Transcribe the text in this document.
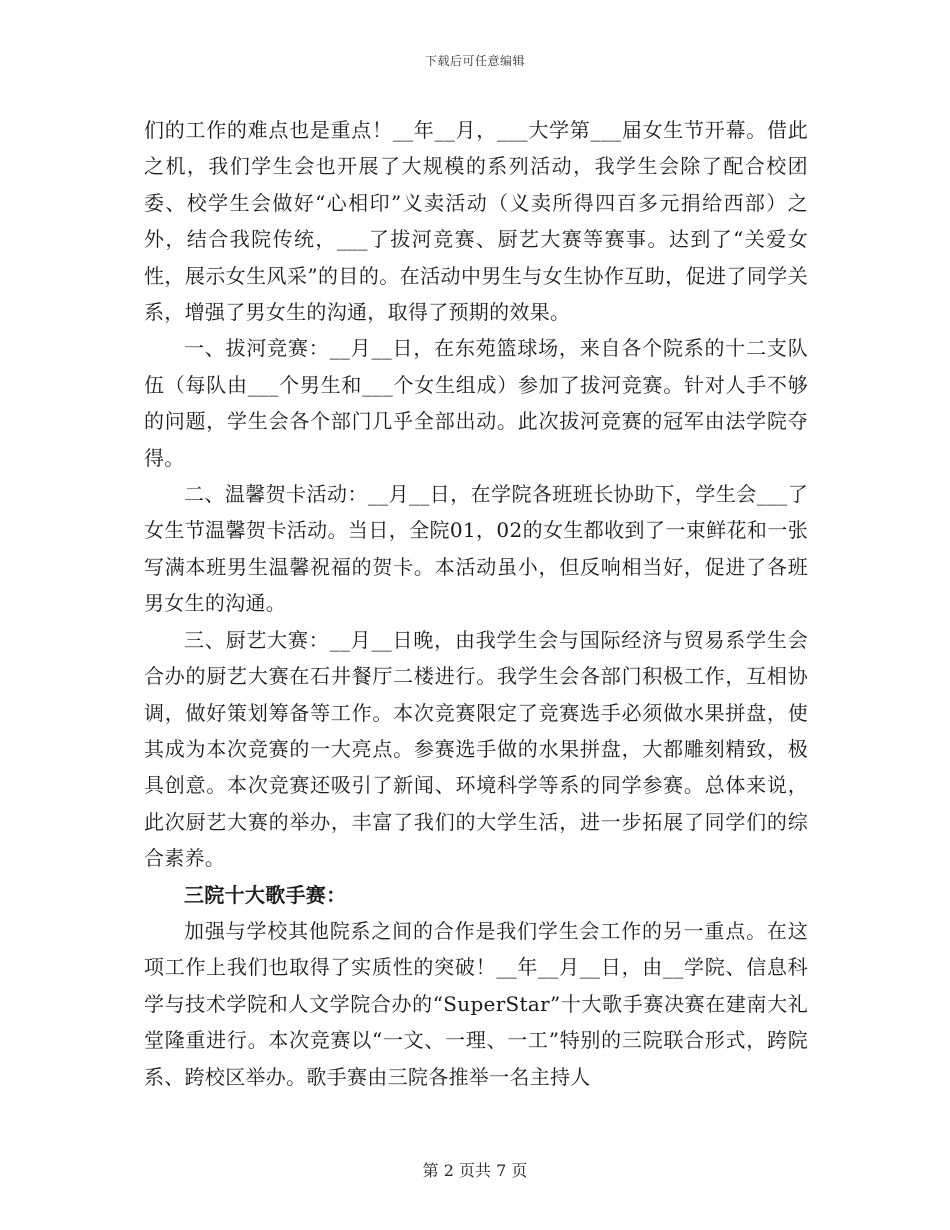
下载后可任意编辑

们的工作的难点也是重点！__年__月，___大学第___届女生节开幕。借此之机，我们学生会也开展了大规模的系列活动，我学生会除了配合校团委、校学生会做好“心相印”义卖活动（义卖所得四百多元捐给西部）之外，结合我院传统，___了拔河竞赛、厨艺大赛等赛事。达到了“关爱女性，展示女生风采”的目的。在活动中男生与女生协作互助，促进了同学关系，增强了男女生的沟通，取得了预期的效果。

一、拔河竞赛：__月__日，在东苑篮球场，来自各个院系的十二支队伍（每队由___个男生和___个女生组成）参加了拔河竞赛。针对人手不够的问题，学生会各个部门几乎全部出动。此次拔河竞赛的冠军由法学院夺得。

二、温馨贺卡活动：__月__日，在学院各班班长协助下，学生会___了女生节温馨贺卡活动。当日，全院01，02的女生都收到了一束鲜花和一张写满本班男生温馨祝福的贺卡。本活动虽小，但反响相当好，促进了各班男女生的沟通。

三、厨艺大赛：__月__日晚，由我学生会与国际经济与贸易系学生会合办的厨艺大赛在石井餐厅二楼进行。我学生会各部门积极工作，互相协调，做好策划筹备等工作。本次竞赛限定了竞赛选手必须做水果拼盘，使其成为本次竞赛的一大亮点。参赛选手做的水果拼盘，大都雕刻精致，极具创意。本次竞赛还吸引了新闻、环境科学等系的同学参赛。总体来说，此次厨艺大赛的举办，丰富了我们的大学生活，进一步拓展了同学们的综合素养。

三院十大歌手赛：

加强与学校其他院系之间的合作是我们学生会工作的另一重点。在这项工作上我们也取得了实质性的突破！__年__月__日，由__学院、信息科学与技术学院和人文学院合办的“SuperStar”十大歌手赛决赛在建南大礼堂隆重进行。本次竞赛以“一文、一理、一工”特别的三院联合形式，跨院系、跨校区举办。歌手赛由三院各推举一名主持人

第 2 页共 7 页
